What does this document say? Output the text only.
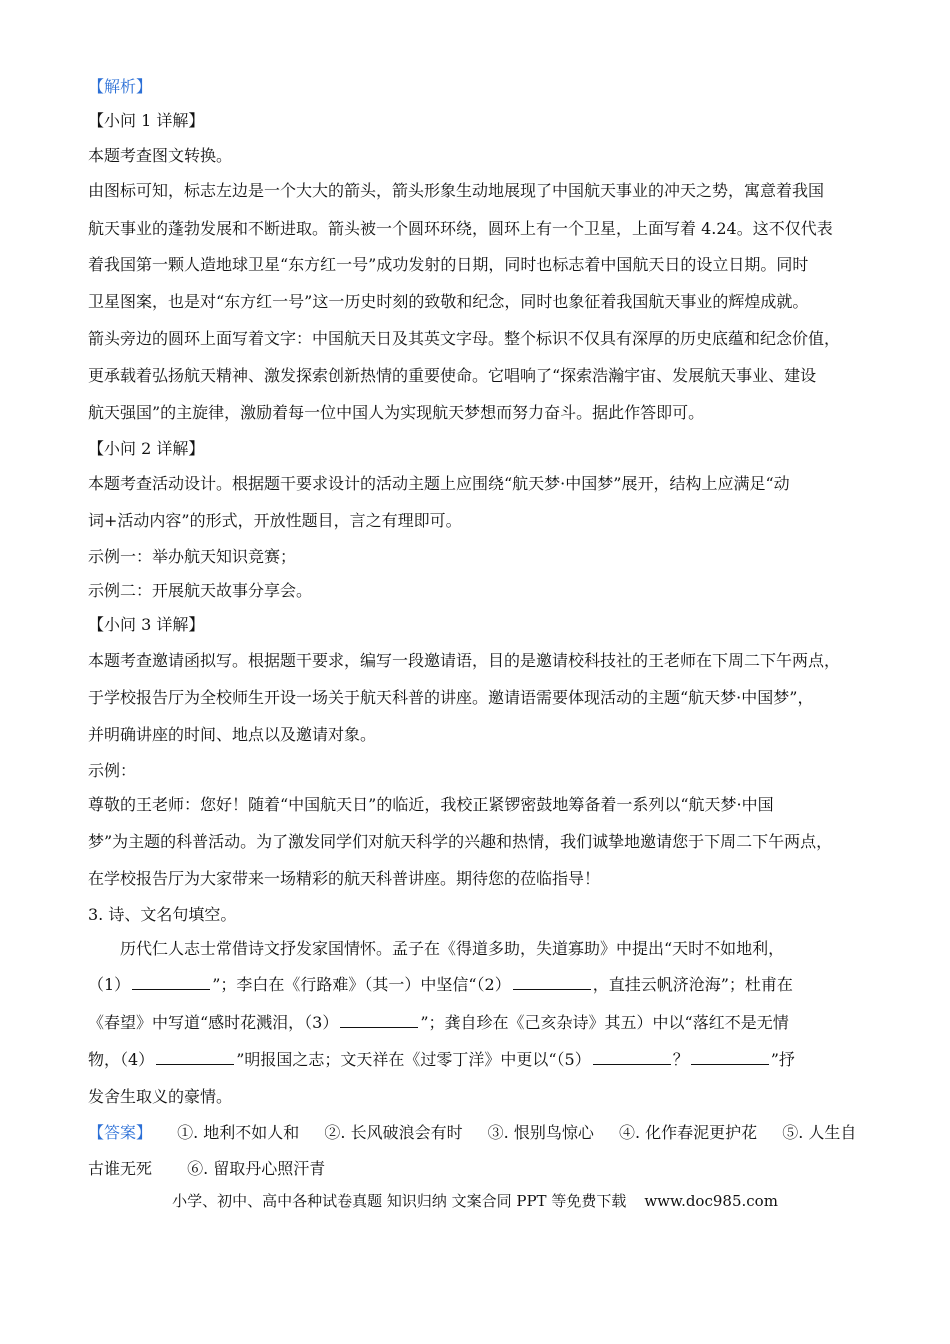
【解析】
【小问 1 详解】
本题考查图文转换。
由图标可知，标志左边是一个大大的箭头，箭头形象生动地展现了中国航天事业的冲天之势，寓意着我国
航天事业的蓬勃发展和不断进取。箭头被一个圆环环绕，圆环上有一个卫星，上面写着 4.24。这不仅代表
着我国第一颗人造地球卫星“东方红一号”成功发射的日期，同时也标志着中国航天日的设立日期。同时
卫星图案，也是对“东方红一号”这一历史时刻的致敬和纪念，同时也象征着我国航天事业的辉煌成就。
箭头旁边的圆环上面写着文字：中国航天日及其英文字母。整个标识不仅具有深厚的历史底蕴和纪念价值，
更承载着弘扬航天精神、激发探索创新热情的重要使命。它唱响了“探索浩瀚宇宙、发展航天事业、建设
航天强国”的主旋律，激励着每一位中国人为实现航天梦想而努力奋斗。据此作答即可。
【小问 2 详解】
本题考查活动设计。根据题干要求设计的活动主题上应围绕“航天梦·中国梦”展开，结构上应满足“动
词+活动内容”的形式，开放性题目，言之有理即可。
示例一：举办航天知识竞赛；
示例二：开展航天故事分享会。
【小问 3 详解】
本题考查邀请函拟写。根据题干要求，编写一段邀请语，目的是邀请校科技社的王老师在下周二下午两点，
于学校报告厅为全校师生开设一场关于航天科普的讲座。邀请语需要体现活动的主题“航天梦·中国梦”，
并明确讲座的时间、地点以及邀请对象。
示例：
尊敬的王老师：您好！随着“中国航天日”的临近，我校正紧锣密鼓地筹备着一系列以“航天梦·中国
梦”为主题的科普活动。为了激发同学们对航天科学的兴趣和热情，我们诚挚地邀请您于下周二下午两点，
在学校报告厅为大家带来一场精彩的航天科普讲座。期待您的莅临指导！
3. 诗、文名句填空。
历代仁人志士常借诗文抒发家国情怀。孟子在《得道多助，失道寡助》中提出“天时不如地利，
（1）	”；李白在《行路难》（其一）中坚信“（2）	，直挂云帆济沧海”；杜甫在
《春望》中写道“感时花溅泪，（3）	”；龚自珍在《己亥杂诗》其五）中以“落红不是无情
物，（4）	”明报国之志；文天祥在《过零丁洋》中更以“（5）	？	”抒
发舍生取义的豪情。
【答案】 ①. 地利不如人和 ②. 长风破浪会有时 ③. 恨别鸟惊心 ④. 化作春泥更护花 ⑤. 人生自
古谁无死 ⑥. 留取丹心照汗青
小学、初中、高中各种试卷真题 知识归纳 文案合同 PPT 等免费下载 www.doc985.com
